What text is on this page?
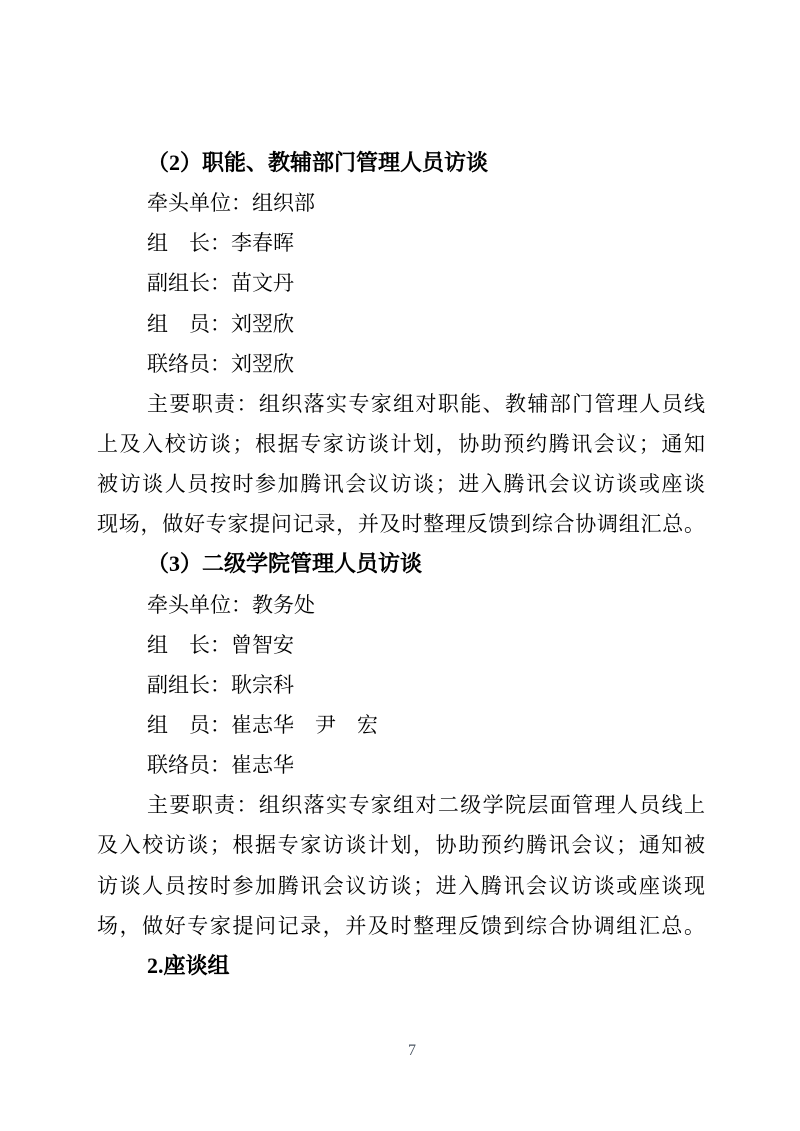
（2）职能、教辅部门管理人员访谈
牵头单位：组织部
组　长：李春晖
副组长：苗文丹
组　员：刘翌欣
联络员：刘翌欣
主要职责：组织落实专家组对职能、教辅部门管理人员线
上及入校访谈；根据专家访谈计划，协助预约腾讯会议；通知
被访谈人员按时参加腾讯会议访谈；进入腾讯会议访谈或座谈
现场，做好专家提问记录，并及时整理反馈到综合协调组汇总。
（3）二级学院管理人员访谈
牵头单位：教务处
组　长：曾智安
副组长：耿宗科
组　员：崔志华　尹　宏
联络员：崔志华
主要职责：组织落实专家组对二级学院层面管理人员线上
及入校访谈；根据专家访谈计划，协助预约腾讯会议；通知被
访谈人员按时参加腾讯会议访谈；进入腾讯会议访谈或座谈现
场，做好专家提问记录，并及时整理反馈到综合协调组汇总。
2.座谈组
7
